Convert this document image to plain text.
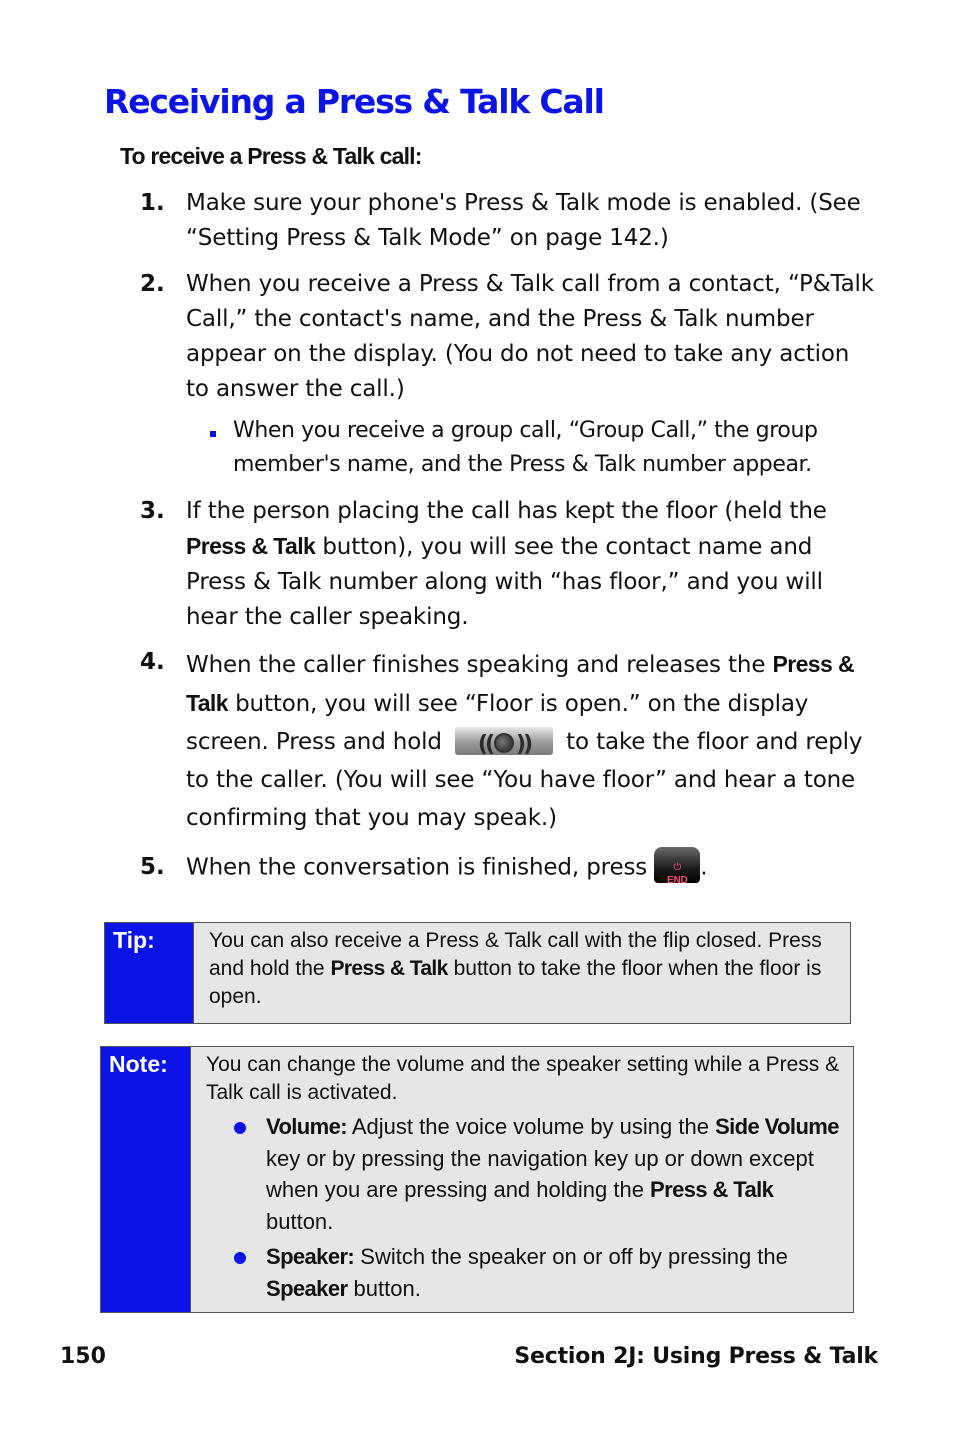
Receiving a Press & Talk Call
To receive a Press & Talk call:
1. Make sure your phone's Press & Talk mode is enabled. (See “Setting Press & Talk Mode” on page 142.)
2. When you receive a Press & Talk call from a contact, “P&Talk Call,” the contact's name, and the Press & Talk number appear on the display. (You do not need to take any action to answer the call.)
When you receive a group call, “Group Call,” the group member's name, and the Press & Talk number appear.
3. If the person placing the call has kept the floor (held the Press & Talk button), you will see the contact name and Press & Talk number along with “has floor,” and you will hear the caller speaking.
4. When the caller finishes speaking and releases the Press & Talk button, you will see “Floor is open.” on the display screen. Press and hold	(( ))	to take the floor and reply to the caller. (You will see “You have floor” and hear a tone confirming that you may speak.)
5. When the conversation is finished, press	⏻
END .
Tip:	You can also receive a Press & Talk call with the flip closed. Press and hold the Press & Talk button to take the floor when the floor is open.
Note:	You can change the volume and the speaker setting while a Press & Talk call is activated.
Volume: Adjust the voice volume by using the Side Volume key or by pressing the navigation key up or down except when you are pressing and holding the Press & Talk button.
Speaker: Switch the speaker on or off by pressing the Speaker button.
150	Section 2J: Using Press & Talk
